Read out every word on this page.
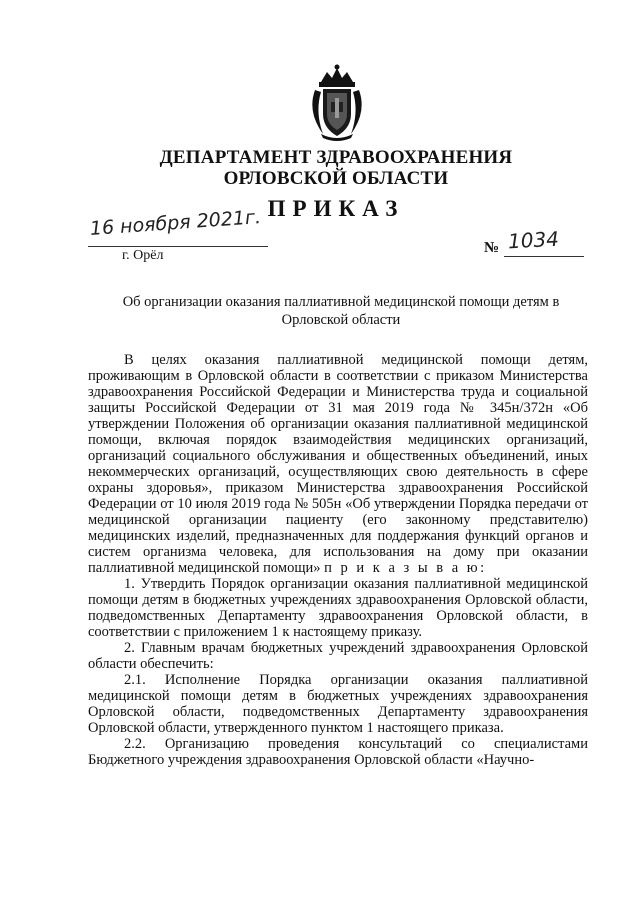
ДЕПАРТАМЕНТ ЗДРАВООХРАНЕНИЯ
ОРЛОВСКОЙ ОБЛАСТИ
ПРИКАЗ
16 ноября 2021г.
г. Орёл	№ 1034
Об организации оказания паллиативной медицинской помощи детям в Орловской области

В целях оказания паллиативной медицинской помощи детям, проживающим в Орловской области в соответствии с приказом Министерства здравоохранения Российской Федерации и Министерства труда и социальной защиты Российской Федерации от 31 мая 2019 года № 345н/372н «Об утверждении Положения об организации оказания паллиативной медицинской помощи, включая порядок взаимодействия медицинских организаций, организаций социального обслуживания и общественных объединений, иных некоммерческих организаций, осуществляющих свою деятельность в сфере охраны здоровья», приказом Министерства здравоохранения Российской Федерации от 10 июля 2019 года № 505н «Об утверждении Порядка передачи от медицинской организации пациенту (его законному представителю) медицинских изделий, предназначенных для поддержания функций органов и систем организма человека, для использования на дому при оказании паллиативной медицинской помощи» п р и к а з ы в а ю:

1. Утвердить Порядок организации оказания паллиативной медицинской помощи детям в бюджетных учреждениях здравоохранения Орловской области, подведомственных Департаменту здравоохранения Орловской области, в соответствии с приложением 1 к настоящему приказу.

2. Главным врачам бюджетных учреждений здравоохранения Орловской области обеспечить:

2.1. Исполнение Порядка организации оказания паллиативной медицинской помощи детям в бюджетных учреждениях здравоохранения Орловской области, подведомственных Департаменту здравоохранения Орловской области, утвержденного пунктом 1 настоящего приказа.

2.2. Организацию проведения консультаций со специалистами Бюджетного учреждения здравоохранения Орловской области «Научно-
